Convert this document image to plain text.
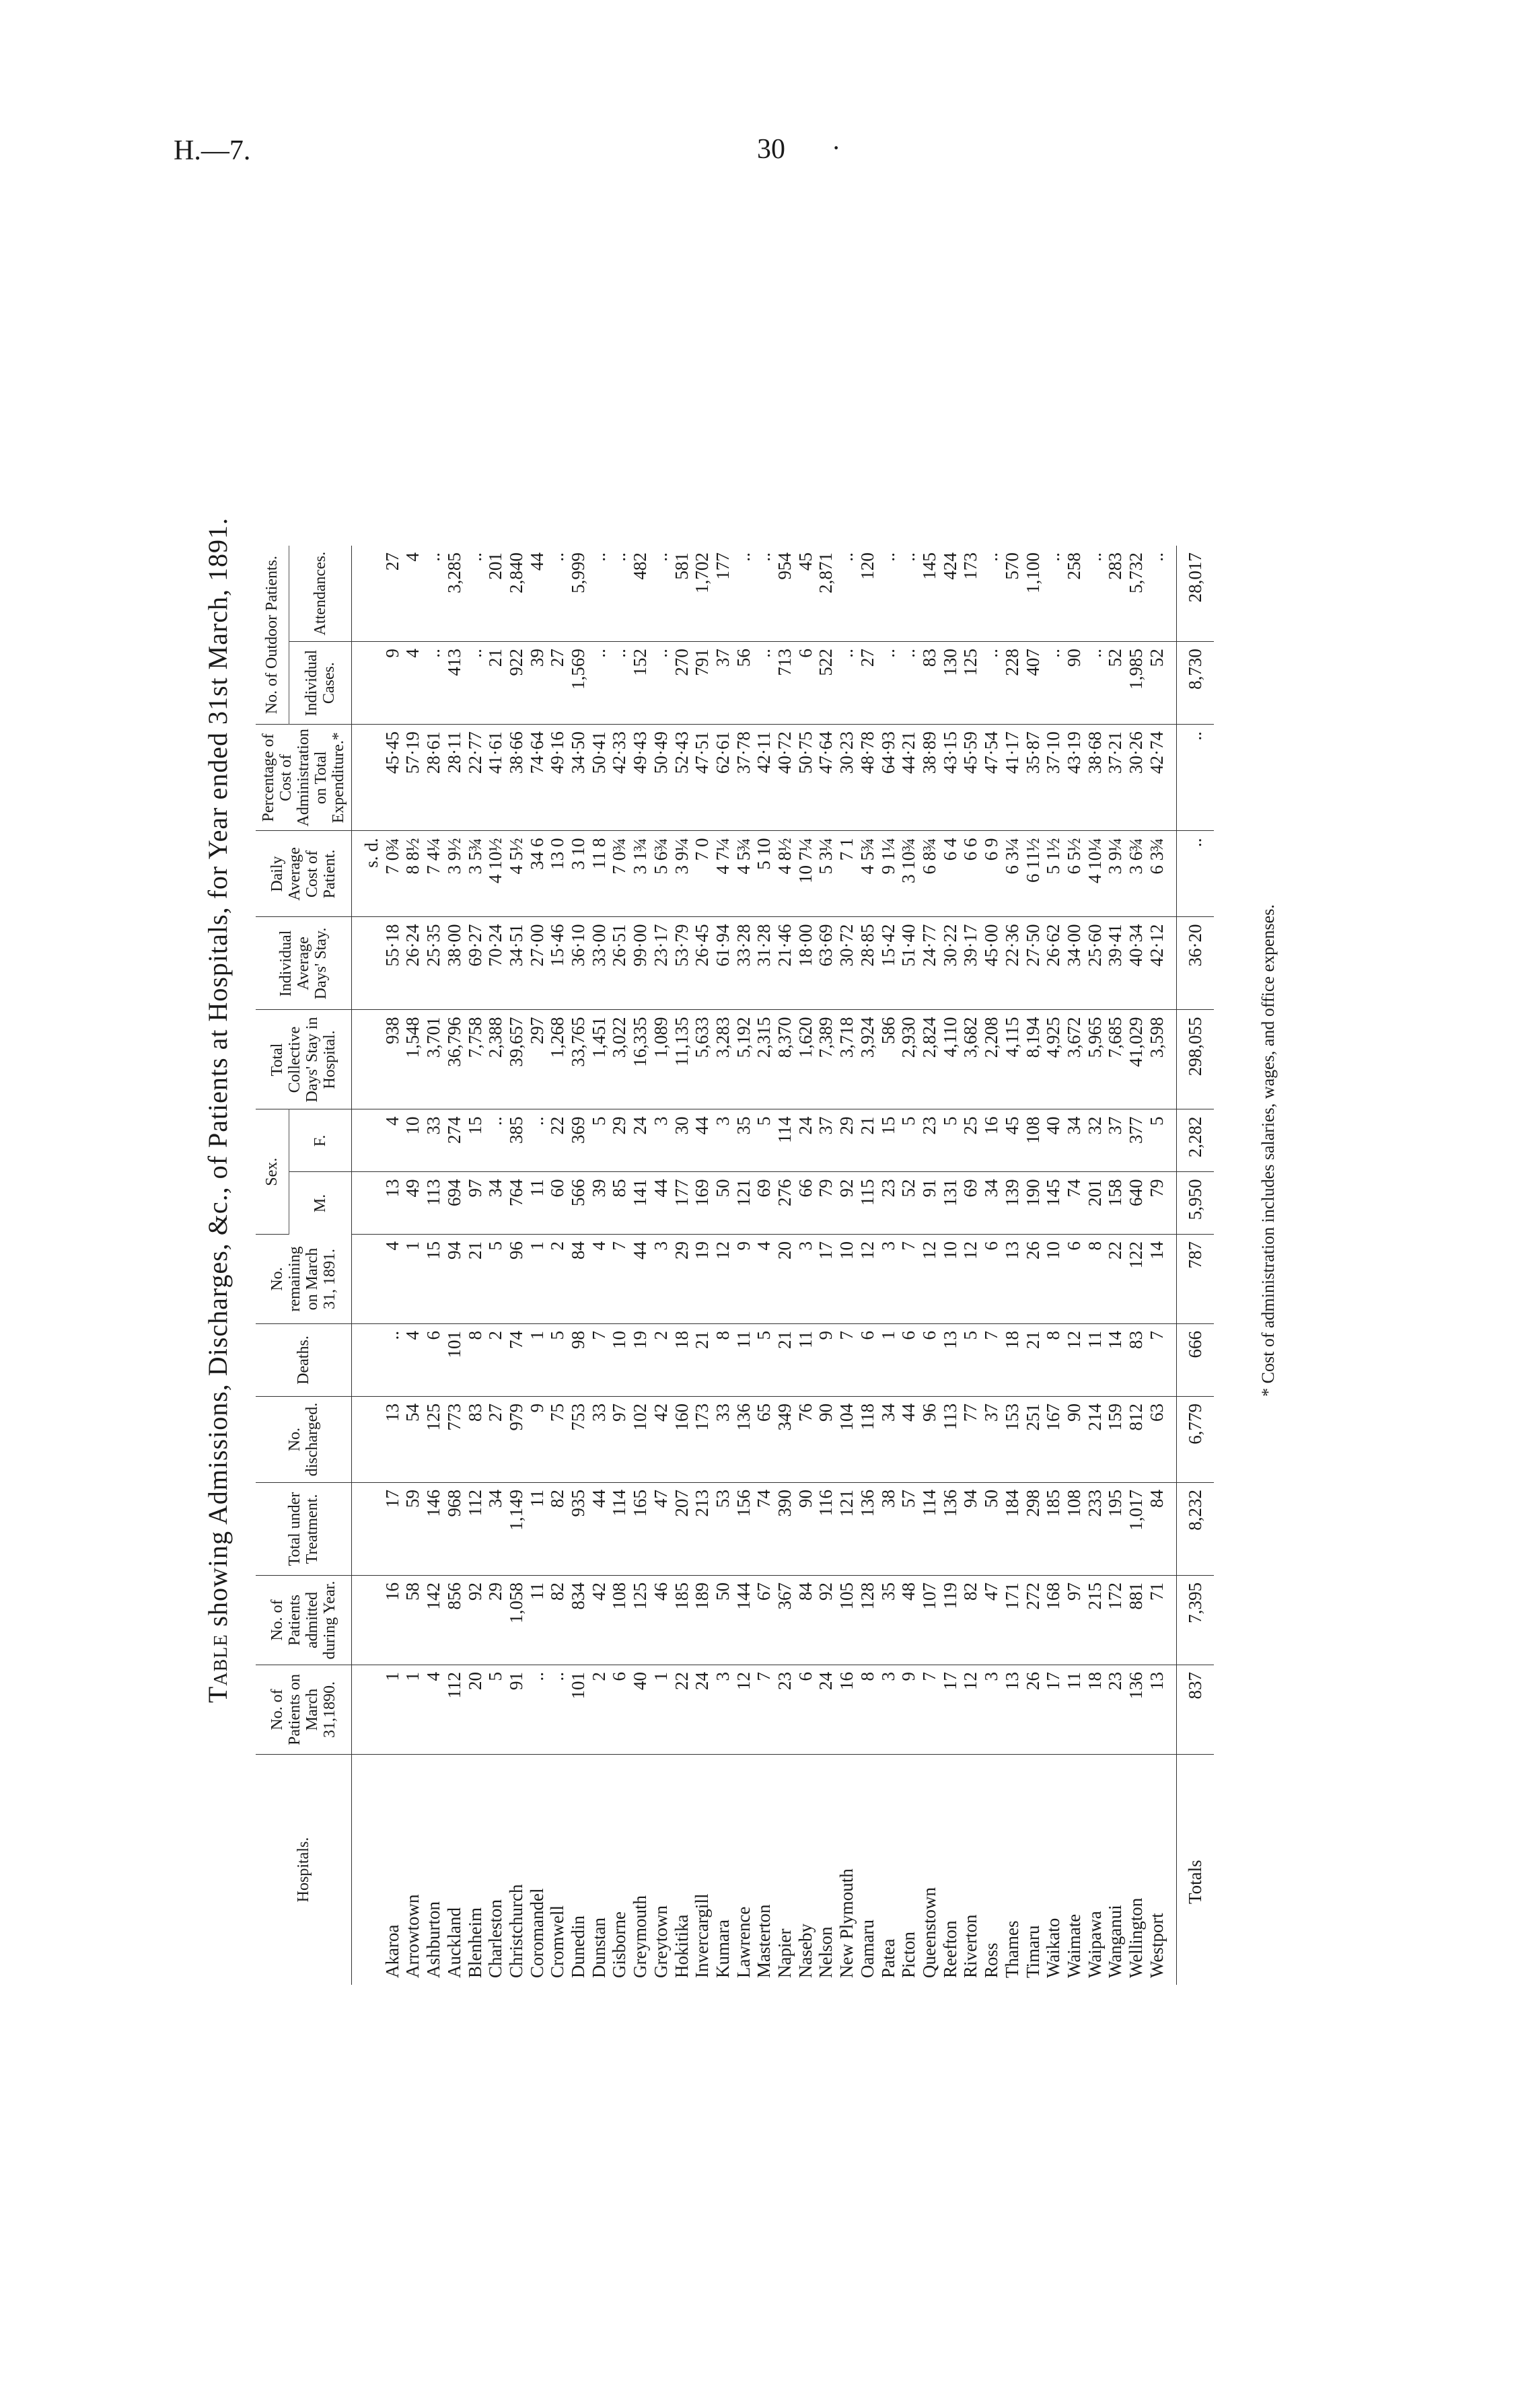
H.—7.	30 ·
Table showing Admissions, Discharges, &c., of Patients at Hospitals, for Year ended 31st March, 1891.
Hospitals.	No. of Patients on March 31,1890.	No. of Patients admitted during Year.	Total under Treatment.	No. discharged.	Deaths.	No. remaining on March 31, 1891.	Sex.		Total Collective Days' Stay in Hospital.	Individual Average Days' Stay.	Daily Average Cost of Patient.	Percentage of Cost of Administration on Total Expenditure.*	No. of Outdoor Patients.	
							M.	F.					Individual Cases.	Attendances.
											s. d.			
Akaroa	1	16	17	13	..	4	13	4	938	55·18	7 0¾	45·45	9	27
Arrowtown	1	58	59	54	4	1	49	10	1,548	26·24	8 8½	57·19	4	4
Ashburton	4	142	146	125	6	15	113	33	3,701	25·35	7 4¼	28·61	..	..
Auckland	112	856	968	773	101	94	694	274	36,796	38·00	3 9½	28·11	413	3,285
Blenheim	20	92	112	83	8	21	97	15	7,758	69·27	3 5¾	22·77	..	..
Charleston	5	29	34	27	2	5	34	..	2,388	70·24	4 10½	41·61	21	201
Christchurch	91	1,058	1,149	979	74	96	764	385	39,657	34·51	4 5½	38·66	922	2,840
Coromandel	..	11	11	9	1	1	11	..	297	27·00	34 6	74·64	39	44
Cromwell	..	82	82	75	5	2	60	22	1,268	15·46	13 0	49·16	27	..
Dunedin	101	834	935	753	98	84	566	369	33,765	36·10	3 10	34·50	1,569	5,999
Dunstan	2	42	44	33	7	4	39	5	1,451	33·00	11 8	50·41	..	..
Gisborne	6	108	114	97	10	7	85	29	3,022	26·51	7 0¾	42·33	..	..
Greymouth	40	125	165	102	19	44	141	24	16,335	99·00	3 1¾	49·43	152	482
Greytown	1	46	47	42	2	3	44	3	1,089	23·17	5 6¾	50·49	..	..
Hokitika	22	185	207	160	18	29	177	30	11,135	53·79	3 9¼	52·43	270	581
Invercargill	24	189	213	173	21	19	169	44	5,633	26·45	7 0	47·51	791	1,702
Kumara	3	50	53	33	8	12	50	3	3,283	61·94	4 7¼	62·61	37	177
Lawrence	12	144	156	136	11	9	121	35	5,192	33·28	4 5¾	37·78	56	..
Masterton	7	67	74	65	5	4	69	5	2,315	31·28	5 10	42·11	..	..
Napier	23	367	390	349	21	20	276	114	8,370	21·46	4 8½	40·72	713	954
Naseby	6	84	90	76	11	3	66	24	1,620	18·00	10 7¼	50·75	6	45
Nelson	24	92	116	90	9	17	79	37	7,389	63·69	5 3¼	47·64	522	2,871
New Plymouth	16	105	121	104	7	10	92	29	3,718	30·72	7 1	30·23	..	..
Oamaru	8	128	136	118	6	12	115	21	3,924	28·85	4 5¾	48·78	27	120
Patea	3	35	38	34	1	3	23	15	586	15·42	9 1¼	64·93	..	..
Picton	9	48	57	44	6	7	52	5	2,930	51·40	3 10¾	44·21	..	..
Queenstown	7	107	114	96	6	12	91	23	2,824	24·77	6 8¾	38·89	83	145
Reefton	17	119	136	113	13	10	131	5	4,110	30·22	6 4	43·15	130	424
Riverton	12	82	94	77	5	12	69	25	3,682	39·17	6 6	45·59	125	173
Ross	3	47	50	37	7	6	34	16	2,208	45·00	6 9	47·54	..	..
Thames	13	171	184	153	18	13	139	45	4,115	22·36	6 3¼	41·17	228	570
Timaru	26	272	298	251	21	26	190	108	8,194	27·50	6 11½	35·87	407	1,100
Waikato	17	168	185	167	8	10	145	40	4,925	26·62	5 1½	37·10	..	..
Waimate	11	97	108	90	12	6	74	34	3,672	34·00	6 5½	43·19	90	258
Waipawa	18	215	233	214	11	8	201	32	5,965	25·60	4 10¼	38·68	..	..
Wanganui	23	172	195	159	14	22	158	37	7,685	39·41	3 9¼	37·21	52	283
Wellington	136	881	1,017	812	83	122	640	377	41,029	40·34	3 6¾	30·26	1,985	5,732
Westport	13	71	84	63	7	14	79	5	3,598	42·12	6 3¾	42·74	52	..
Totals	837	7,395	8,232	6,779	666	787	5,950	2,282	298,055	36·20	..	..	8,730	28,017
* Cost of administration includes salaries, wages, and office expenses.
